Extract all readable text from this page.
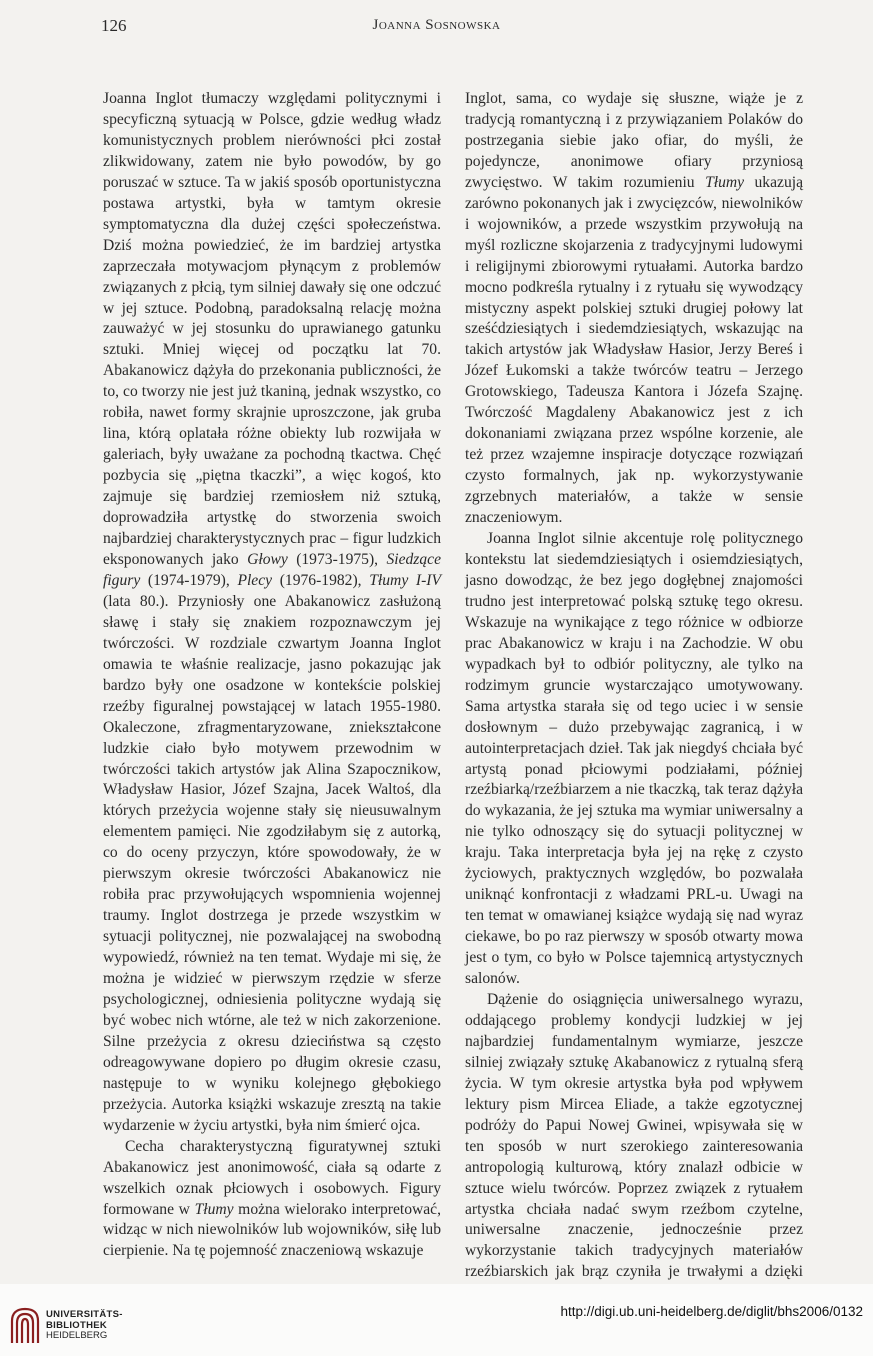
126	Joanna Sosnowska

Joanna Inglot tłumaczy względami politycznymi i specyficzną sytuacją w Polsce, gdzie według władz komunistycznych problem nierówności płci został zlikwidowany, zatem nie było powodów, by go poruszać w sztuce. Ta w jakiś sposób oportunistyczna postawa artystki, była w tamtym okresie symptomatyczna dla dużej części społeczeństwa. Dziś można powiedzieć, że im bardziej artystka zaprzeczała motywacjom płynącym z problemów związanych z płcią, tym silniej dawały się one odczuć w jej sztuce. Podobną, paradoksalną relację można zauważyć w jej stosunku do uprawianego gatunku sztuki. Mniej więcej od początku lat 70. Abakanowicz dążyła do przekonania publiczności, że to, co tworzy nie jest już tkaniną, jednak wszystko, co robiła, nawet formy skrajnie uproszczone, jak gruba lina, którą oplatała różne obiekty lub rozwijała w galeriach, były uważane za pochodną tkactwa. Chęć pozbycia się „piętna tkaczki”, a więc kogoś, kto zajmuje się bardziej rzemiosłem niż sztuką, doprowadziła artystkę do stworzenia swoich najbardziej charakterystycznych prac – figur ludzkich eksponowanych jako Głowy (1973-1975), Siedzące figury (1974-1979), Plecy (1976-1982), Tłumy I-IV (lata 80.). Przyniosły one Abakanowicz zasłużoną sławę i stały się znakiem rozpoznawczym jej twórczości. W rozdziale czwartym Joanna Inglot omawia te właśnie realizacje, jasno pokazując jak bardzo były one osadzone w kontekście polskiej rzeźby figuralnej powstającej w latach 1955-1980. Okaleczone, zfragmentaryzowane, zniekształcone ludzkie ciało było motywem przewodnim w twórczości takich artystów jak Alina Szapocznikow, Władysław Hasior, Józef Szajna, Jacek Waltoś, dla których przeżycia wojenne stały się nieusuwalnym elementem pamięci. Nie zgodziłabym się z autorką, co do oceny przyczyn, które spowodowały, że w pierwszym okresie twórczości Abakanowicz nie robiła prac przywołujących wspomnienia wojennej traumy. Inglot dostrzega je przede wszystkim w sytuacji politycznej, nie pozwalającej na swobodną wypowiedź, również na ten temat. Wydaje mi się, że można je widzieć w pierwszym rzędzie w sferze psychologicznej, odniesienia polityczne wydają się być wobec nich wtórne, ale też w nich zakorzenione. Silne przeżycia z okresu dzieciństwa są często odreagowywane dopiero po długim okresie czasu, następuje to w wyniku kolejnego głębokiego przeżycia. Autorka książki wskazuje zresztą na takie wydarzenie w życiu artystki, była nim śmierć ojca.

Cecha charakterystyczną figuratywnej sztuki Abakanowicz jest anonimowość, ciała są odarte z wszelkich oznak płciowych i osobowych. Figury formowane w Tłumy można wielorako interpretować, widząc w nich niewolników lub wojowników, siłę lub cierpienie. Na tę pojemność znaczeniową wskazuje

Inglot, sama, co wydaje się słuszne, wiąże je z tradycją romantyczną i z przywiązaniem Polaków do postrzegania siebie jako ofiar, do myśli, że pojedyncze, anonimowe ofiary przyniosą zwycięstwo. W takim rozumieniu Tłumy ukazują zarówno pokonanych jak i zwycięzców, niewolników i wojowników, a przede wszystkim przywołują na myśl rozliczne skojarzenia z tradycyjnymi ludowymi i religijnymi zbiorowymi rytuałami. Autorka bardzo mocno podkreśla rytualny i z rytuału się wywodzący mistyczny aspekt polskiej sztuki drugiej połowy lat sześćdziesiątych i siedemdziesiątych, wskazując na takich artystów jak Władysław Hasior, Jerzy Bereś i Józef Łukomski a także twórców teatru – Jerzego Grotowskiego, Tadeusza Kantora i Józefa Szajnę. Twórczość Magdaleny Abakanowicz jest z ich dokonaniami związana przez wspólne korzenie, ale też przez wzajemne inspiracje dotyczące rozwiązań czysto formalnych, jak np. wykorzystywanie zgrzebnych materiałów, a także w sensie znaczeniowym.

Joanna Inglot silnie akcentuje rolę politycznego kontekstu lat siedemdziesiątych i osiemdziesiątych, jasno dowodząc, że bez jego dogłębnej znajomości trudno jest interpretować polską sztukę tego okresu. Wskazuje na wynikające z tego różnice w odbiorze prac Abakanowicz w kraju i na Zachodzie. W obu wypadkach był to odbiór polityczny, ale tylko na rodzimym gruncie wystarczająco umotywowany. Sama artystka starała się od tego uciec i w sensie dosłownym – dużo przebywając zagranicą, i w autointerpretacjach dzieł. Tak jak niegdyś chciała być artystą ponad płciowymi podziałami, później rzeźbiarką/rzeźbiarzem a nie tkaczką, tak teraz dążyła do wykazania, że jej sztuka ma wymiar uniwersalny a nie tylko odnoszący się do sytuacji politycznej w kraju. Taka interpretacja była jej na rękę z czysto życiowych, praktycznych względów, bo pozwalała uniknąć konfrontacji z władzami PRL-u. Uwagi na ten temat w omawianej książce wydają się nad wyraz ciekawe, bo po raz pierwszy w sposób otwarty mowa jest o tym, co było w Polsce tajemnicą artystycznych salonów.

Dążenie do osiągnięcia uniwersalnego wyrazu, oddającego problemy kondycji ludzkiej w jej najbardziej fundamentalnym wymiarze, jeszcze silniej związały sztukę Akabanowicz z rytualną sferą życia. W tym okresie artystka była pod wpływem lektury pism Mircea Eliade, a także egzotycznej podróży do Papui Nowej Gwinei, wpisywała się w ten sposób w nurt szerokiego zainteresowania antropologią kulturową, który znalazł odbicie w sztuce wielu twórców. Poprzez związek z rytuałem artystka chciała nadać swym rzeźbom czytelne, uniwersalne znaczenie, jednocześnie przez wykorzystanie takich tradycyjnych materiałów rzeźbiarskich jak brąz czyniła je trwałymi a dzięki

UNIVERSITÄTS-
BIBLIOTHEK
HEIDELBERG
http://digi.ub.uni-heidelberg.de/diglit/bhs2006/0132
